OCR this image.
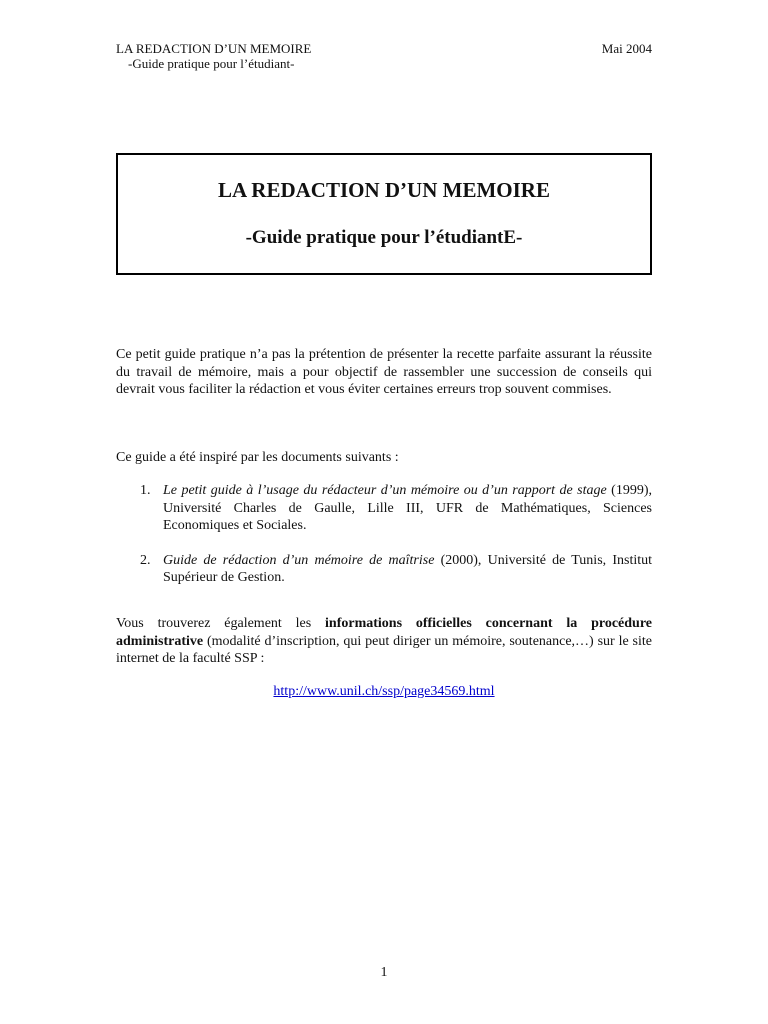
LA REDACTION D’UN MEMOIRE	Mai 2004
-Guide pratique pour l’étudiant-
LA REDACTION D’UN MEMOIRE
-Guide pratique pour l’étudiantE-

Ce petit guide pratique n’a pas la prétention de présenter la recette parfaite assurant la réussite du travail de mémoire, mais a pour objectif de rassembler une succession de conseils qui devrait vous faciliter la rédaction et vous éviter certaines erreurs trop souvent commises.

Ce guide a été inspiré par les documents suivants :

1. Le petit guide à l’usage du rédacteur d’un mémoire ou d’un rapport de stage (1999), Université Charles de Gaulle, Lille III, UFR de Mathématiques, Sciences Economiques et Sociales.
2. Guide de rédaction d’un mémoire de maîtrise (2000), Université de Tunis, Institut Supérieur de Gestion.

Vous trouverez également les informations officielles concernant la procédure administrative (modalité d’inscription, qui peut diriger un mémoire, soutenance,…) sur le site internet de la faculté SSP :

http://www.unil.ch/ssp/page34569.html
1
